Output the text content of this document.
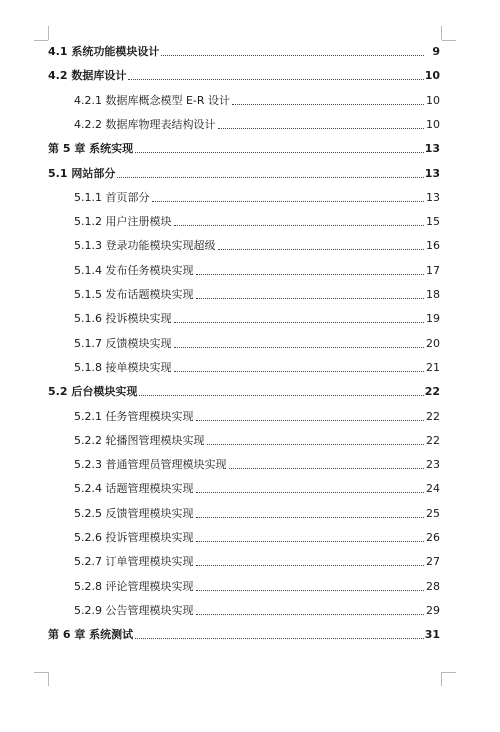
4.1 系统功能模块设计	9
4.2 数据库设计	10
4.2.1 数据库概念模型 E-R 设计	10
4.2.2 数据库物理表结构设计	10
第 5 章 系统实现	13
5.1 网站部分	13
5.1.1 首页部分	13
5.1.2 用户注册模块	15
5.1.3 登录功能模块实现超级	16
5.1.4 发布任务模块实现	17
5.1.5 发布话题模块实现	18
5.1.6 投诉模块实现	19
5.1.7 反馈模块实现	20
5.1.8 接单模块实现	21
5.2 后台模块实现	22
5.2.1 任务管理模块实现	22
5.2.2 轮播图管理模块实现	22
5.2.3 普通管理员管理模块实现	23
5.2.4 话题管理模块实现	24
5.2.5 反馈管理模块实现	25
5.2.6 投诉管理模块实现	26
5.2.7 订单管理模块实现	27
5.2.8 评论管理模块实现	28
5.2.9 公告管理模块实现	29
第 6 章 系统测试	31
